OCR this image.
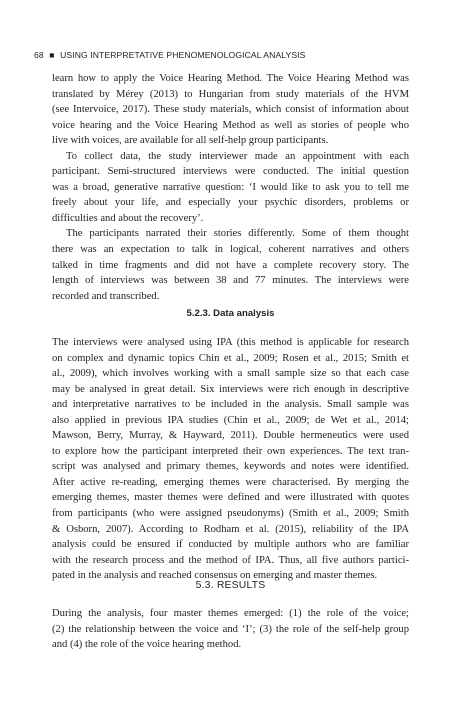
68 ■ USING INTERPRETATIVE PHENOMENOLOGICAL ANALYSIS
learn how to apply the Voice Hearing Method. The Voice Hearing Method was
translated by Mérey (2013) to Hungarian from study materials of the HVM
(see Intervoice, 2017). These study materials, which consist of information about
voice hearing and the Voice Hearing Method as well as stories of people who
live with voices, are available for all self-help group participants.
To collect data, the study interviewer made an appointment with each
participant. Semi-structured interviews were conducted. The initial question
was a broad, generative narrative question: ‘I would like to ask you to tell me
freely about your life, and especially your psychic disorders, problems or
difficulties and about the recovery’.
The participants narrated their stories differently. Some of them thought
there was an expectation to talk in logical, coherent narratives and others
talked in time fragments and did not have a complete recovery story. The
length of interviews was between 38 and 77 minutes. The interviews were
recorded and transcribed.
5.2.3. Data analysis
The interviews were analysed using IPA (this method is applicable for research
on complex and dynamic topics Chin et al., 2009; Rosen et al., 2015; Smith et
al., 2009), which involves working with a small sample size so that each case
may be analysed in great detail. Six interviews were rich enough in descriptive
and interpretative narratives to be included in the analysis. Small sample was
also applied in previous IPA studies (Chin et al., 2009; de Wet et al., 2014;
Mawson, Berry, Murray, & Hayward, 2011). Double hermeneutics were used
to explore how the participant interpreted their own experiences. The text tran-
script was analysed and primary themes, keywords and notes were identified.
After active re-reading, emerging themes were characterised. By merging the
emerging themes, master themes were defined and were illustrated with quotes
from participants (who were assigned pseudonyms) (Smith et al., 2009; Smith
& Osborn, 2007). According to Rodham et al. (2015), reliability of the IPA
analysis could be ensured if conducted by multiple authors who are familiar
with the research process and the method of IPA. Thus, all five authors partici-
pated in the analysis and reached consensus on emerging and master themes.
5.3. RESULTS
During the analysis, four master themes emerged: (1) the role of the voice;
(2) the relationship between the voice and ‘I’; (3) the role of the self-help group
and (4) the role of the voice hearing method.
